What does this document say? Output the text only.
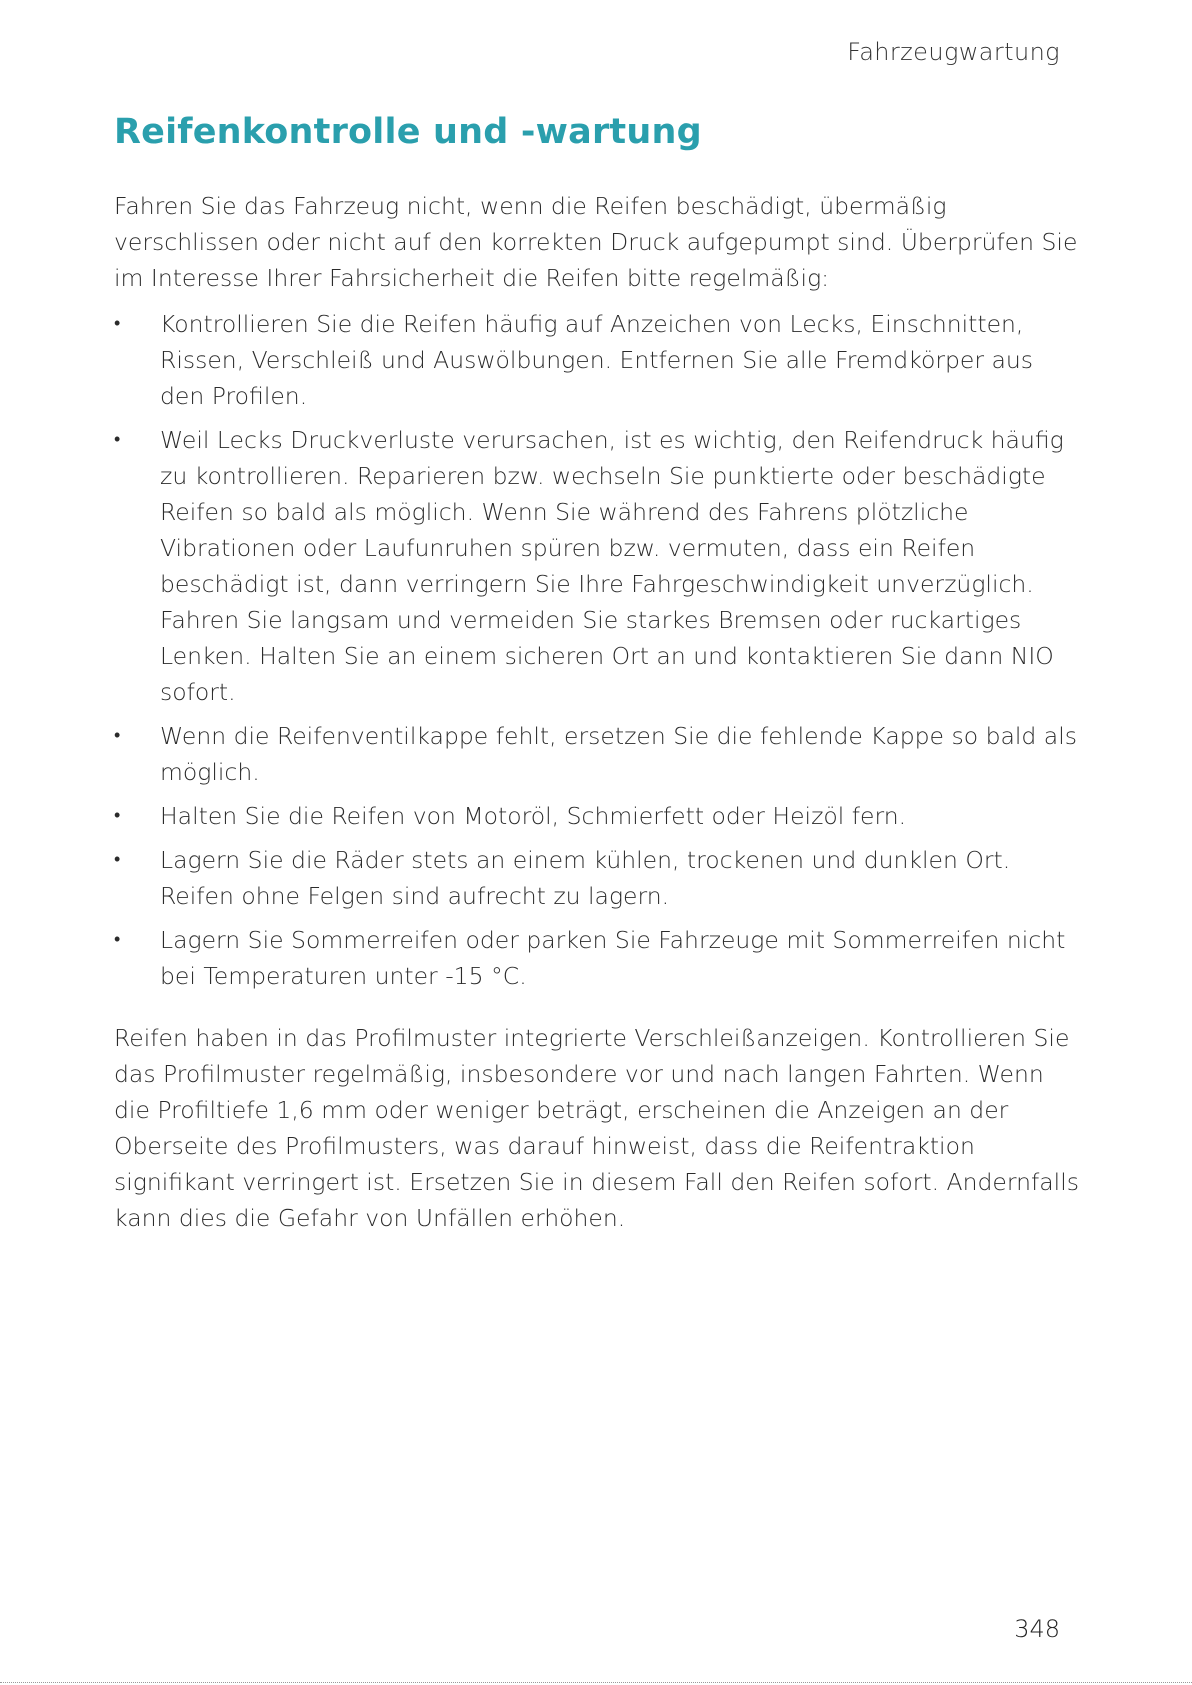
Fahrzeugwartung
Reifenkontrolle und -wartung

Fahren Sie das Fahrzeug nicht, wenn die Reifen beschädigt, übermäßig verschlissen oder nicht auf den korrekten Druck aufgepumpt sind. Überprüfen Sie im Interesse Ihrer Fahrsicherheit die Reifen bitte regelmäßig:

•	Kontrollieren Sie die Reifen häufig auf Anzeichen von Lecks, Einschnitten, Rissen, Verschleiß und Auswölbungen. Entfernen Sie alle Fremdkörper aus den Profilen.
•	Weil Lecks Druckverluste verursachen, ist es wichtig, den Reifendruck häufig zu kontrollieren. Reparieren bzw. wechseln Sie punktierte oder beschädigte Reifen so bald als möglich. Wenn Sie während des Fahrens plötzliche Vibrationen oder Laufunruhen spüren bzw. vermuten, dass ein Reifen beschädigt ist, dann verringern Sie Ihre Fahrgeschwindigkeit unverzüglich. Fahren Sie langsam und vermeiden Sie starkes Bremsen oder ruckartiges Lenken. Halten Sie an einem sicheren Ort an und kontaktieren Sie dann NIO sofort.
•	Wenn die Reifenventilkappe fehlt, ersetzen Sie die fehlende Kappe so bald als möglich.
•	Halten Sie die Reifen von Motoröl, Schmierfett oder Heizöl fern.
•	Lagern Sie die Räder stets an einem kühlen, trockenen und dunklen Ort. Reifen ohne Felgen sind aufrecht zu lagern.
•	Lagern Sie Sommerreifen oder parken Sie Fahrzeuge mit Sommerreifen nicht bei Temperaturen unter -15 °C.

Reifen haben in das Profilmuster integrierte Verschleißanzeigen. Kontrollieren Sie das Profilmuster regelmäßig, insbesondere vor und nach langen Fahrten. Wenn die Profiltiefe 1,6 mm oder weniger beträgt, erscheinen die Anzeigen an der Oberseite des Profilmusters, was darauf hinweist, dass die Reifentraktion signifikant verringert ist. Ersetzen Sie in diesem Fall den Reifen sofort. Andernfalls kann dies die Gefahr von Unfällen erhöhen.

348
